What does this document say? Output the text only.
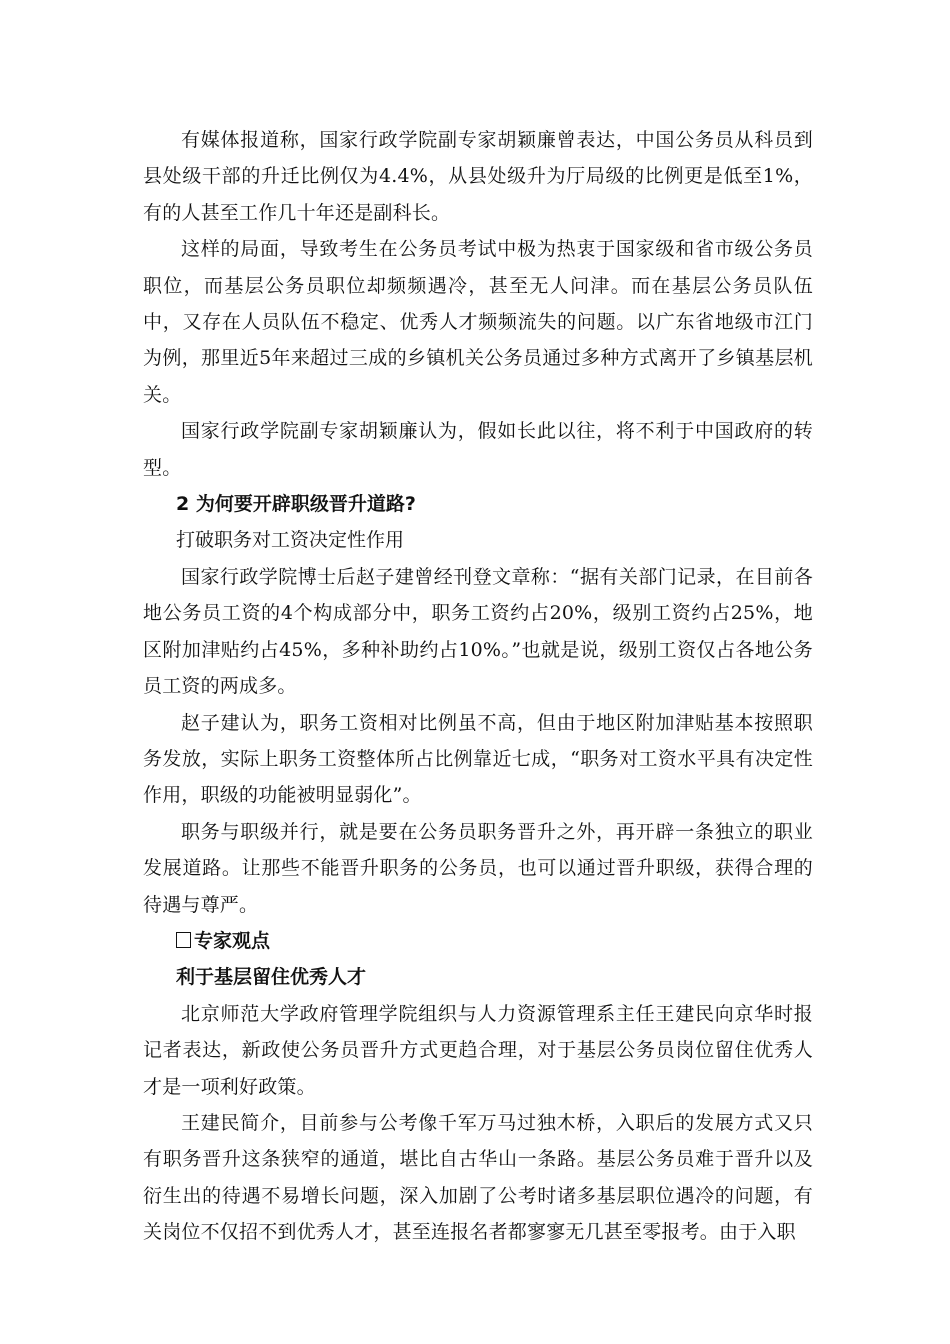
有媒体报道称，国家行政学院副专家胡颖廉曾表达，中国公务员从科员到县处级干部的升迁比例仅为4.4%，从县处级升为厅局级的比例更是低至1%，有的人甚至工作几十年还是副科长。

这样的局面，导致考生在公务员考试中极为热衷于国家级和省市级公务员职位，而基层公务员职位却频频遇冷，甚至无人问津。而在基层公务员队伍中，又存在人员队伍不稳定、优秀人才频频流失的问题。以广东省地级市江门为例，那里近5年来超过三成的乡镇机关公务员通过多种方式离开了乡镇基层机关。

国家行政学院副专家胡颖廉认为，假如长此以往，将不利于中国政府的转型。

2 为何要开辟职级晋升道路?

打破职务对工资决定性作用

国家行政学院博士后赵子建曾经刊登文章称：“据有关部门记录，在目前各地公务员工资的4个构成部分中，职务工资约占20%，级别工资约占25%，地区附加津贴约占45%，多种补助约占10%。”也就是说，级别工资仅占各地公务员工资的两成多。

赵子建认为，职务工资相对比例虽不高，但由于地区附加津贴基本按照职务发放，实际上职务工资整体所占比例靠近七成，“职务对工资水平具有决定性作用，职级的功能被明显弱化”。

职务与职级并行，就是要在公务员职务晋升之外，再开辟一条独立的职业发展道路。让那些不能晋升职务的公务员，也可以通过晋升职级，获得合理的待遇与尊严。

专家观点

利于基层留住优秀人才

北京师范大学政府管理学院组织与人力资源管理系主任王建民向京华时报记者表达，新政使公务员晋升方式更趋合理，对于基层公务员岗位留住优秀人才是一项利好政策。

王建民简介，目前参与公考像千军万马过独木桥，入职后的发展方式又只有职务晋升这条狭窄的通道，堪比自古华山一条路。基层公务员难于晋升以及衍生出的待遇不易增长问题，深入加剧了公考时诸多基层职位遇冷的问题，有关岗位不仅招不到优秀人才，甚至连报名者都寥寥无几甚至零报考。由于入职
